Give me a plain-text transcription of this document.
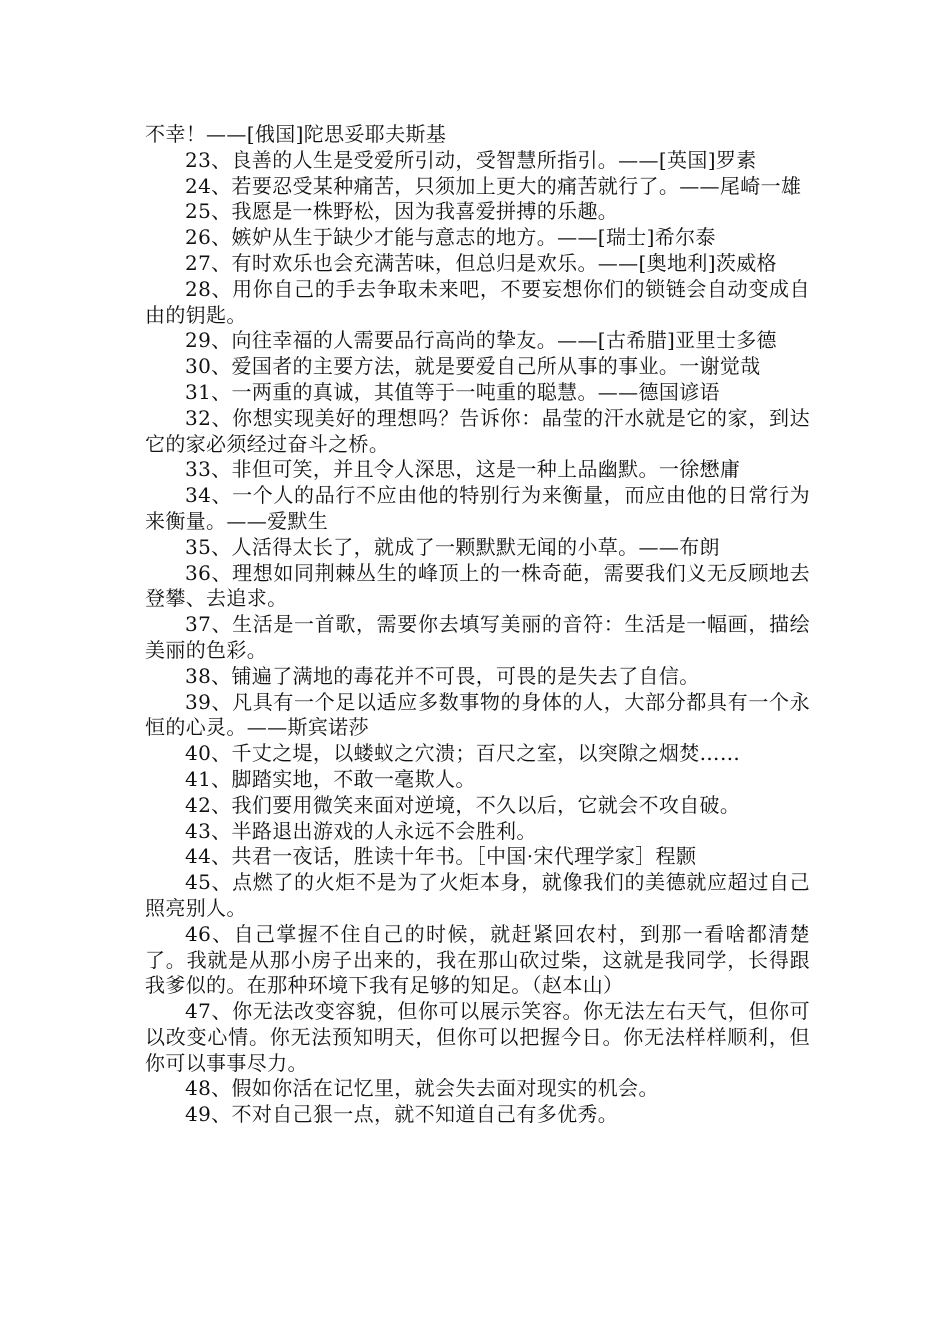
不幸！——[俄国]陀思妥耶夫斯基

23、良善的人生是受爱所引动，受智慧所指引。——[英国]罗素

24、若要忍受某种痛苦，只须加上更大的痛苦就行了。——尾崎一雄

25、我愿是一株野松，因为我喜爱拼搏的乐趣。

26、嫉妒从生于缺少才能与意志的地方。——[瑞士]希尔泰

27、有时欢乐也会充满苦味，但总归是欢乐。——[奥地利]茨威格

28、用你自己的手去争取未来吧，不要妄想你们的锁链会自动变成自由的钥匙。

29、向往幸福的人需要品行高尚的挚友。——[古希腊]亚里士多德

30、爱国者的主要方法，就是要爱自己所从事的事业。一谢觉哉

31、一两重的真诚，其值等于一吨重的聪慧。——德国谚语

32、你想实现美好的理想吗？告诉你：晶莹的汗水就是它的家，到达它的家必须经过奋斗之桥。

33、非但可笑，并且令人深思，这是一种上品幽默。一徐懋庸

34、一个人的品行不应由他的特别行为来衡量，而应由他的日常行为来衡量。——爱默生

35、人活得太长了，就成了一颗默默无闻的小草。——布朗

36、理想如同荆棘丛生的峰顶上的一株奇葩，需要我们义无反顾地去登攀、去追求。

37、生活是一首歌，需要你去填写美丽的音符：生活是一幅画，描绘美丽的色彩。

38、铺遍了满地的毒花并不可畏，可畏的是失去了自信。

39、凡具有一个足以适应多数事物的身体的人，大部分都具有一个永恒的心灵。——斯宾诺莎

40、千丈之堤，以蝼蚁之穴溃；百尺之室，以突隙之烟焚……

41、脚踏实地，不敢一毫欺人。

42、我们要用微笑来面对逆境，不久以后，它就会不攻自破。

43、半路退出游戏的人永远不会胜利。

44、共君一夜话，胜读十年书。［中国·宋代理学家］程颢

45、点燃了的火炬不是为了火炬本身，就像我们的美德就应超过自己照亮别人。

46、自己掌握不住自己的时候，就赶紧回农村，到那一看啥都清楚了。我就是从那小房子出来的，我在那山砍过柴，这就是我同学，长得跟我爹似的。在那种环境下我有足够的知足。（赵本山）

47、你无法改变容貌，但你可以展示笑容。你无法左右天气，但你可以改变心情。你无法预知明天，但你可以把握今日。你无法样样顺利，但你可以事事尽力。

48、假如你活在记忆里，就会失去面对现实的机会。

49、不对自己狠一点，就不知道自己有多优秀。
